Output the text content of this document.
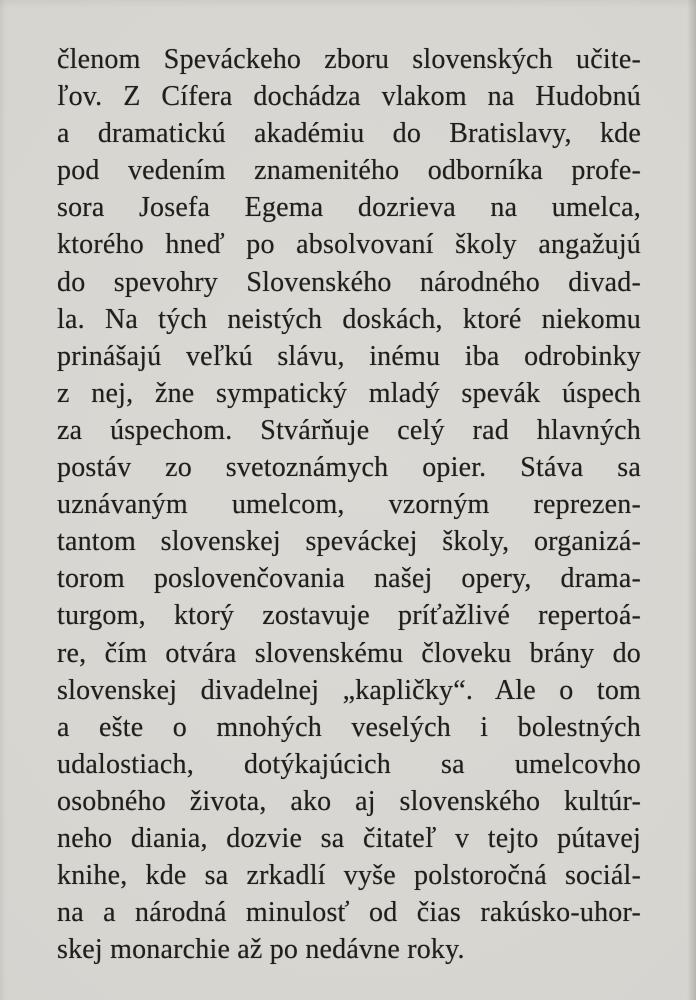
členom Speváckeho zboru slovenských učite-
ľov. Z Cífera dochádza vlakom na Hudobnú
a dramatickú akadémiu do Bratislavy, kde
pod vedením znamenitého odborníka profe-
sora Josefa Egema dozrieva na umelca,
ktorého hneď po absolvovaní školy angažujú
do spevohry Slovenského národného divad-
la. Na tých neistých doskách, ktoré niekomu
prinášajú veľkú slávu, inému iba odrobinky
z nej, žne sympatický mladý spevák úspech
za úspechom. Stvárňuje celý rad hlavných
postáv zo svetoznámych opier. Stáva sa
uznávaným umelcom, vzorným reprezen-
tantom slovenskej speváckej školy, organizá-
torom poslovenčovania našej opery, drama-
turgom, ktorý zostavuje príťažlivé repertoá-
re, čím otvára slovenskému človeku brány do
slovenskej divadelnej „kapličky“. Ale o tom
a ešte o mnohých veselých i bolestných
udalostiach, dotýkajúcich sa umelcovho
osobného života, ako aj slovenského kultúr-
neho diania, dozvie sa čitateľ v tejto pútavej
knihe, kde sa zrkadlí vyše polstoročná sociál-
na a národná minulosť od čias rakúsko-uhor-
skej monarchie až po nedávne roky.
